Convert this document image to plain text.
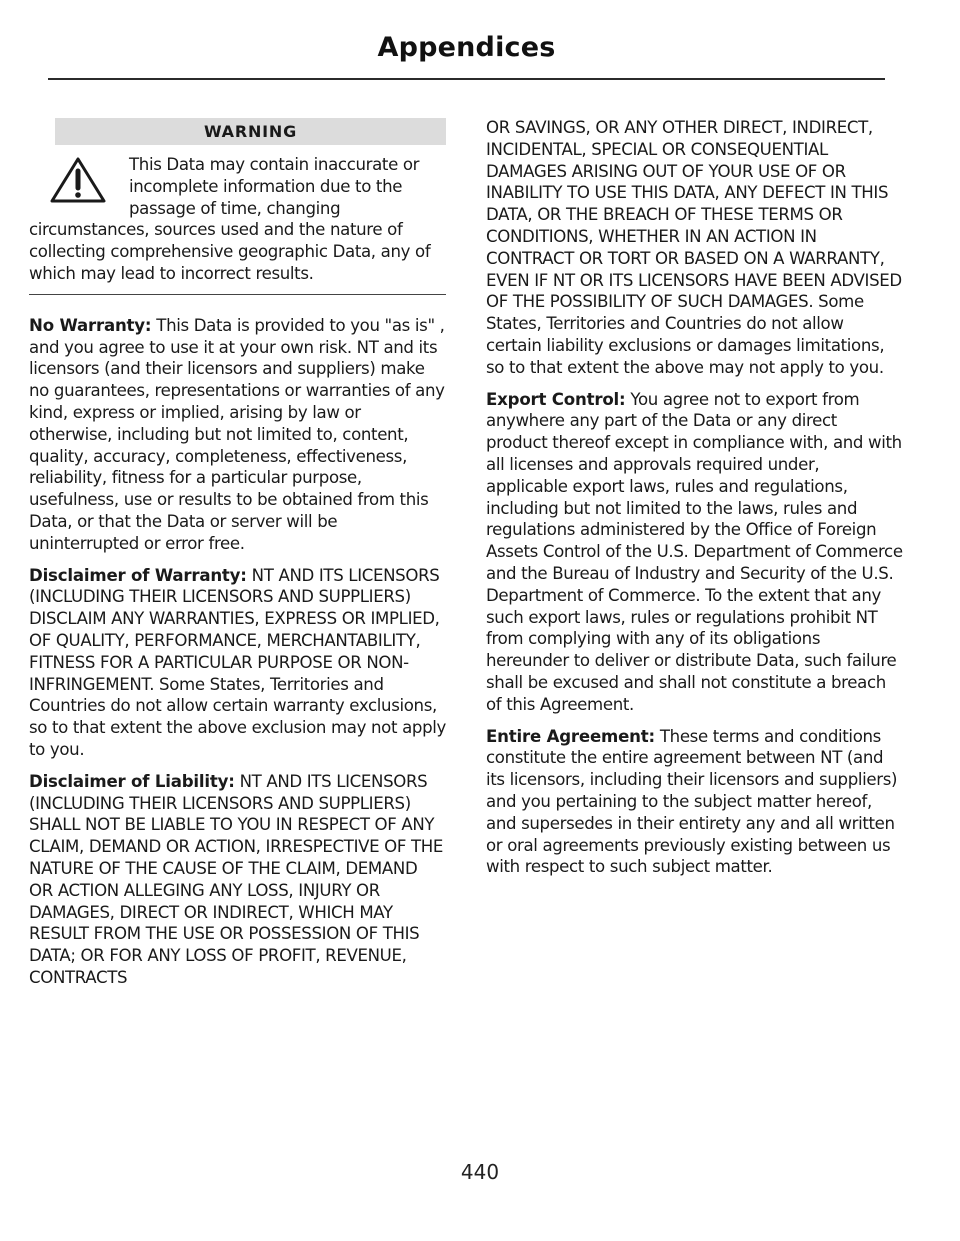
Appendices
WARNING
This Data may contain inaccurate or incomplete information due to the passage of time, changing circumstances, sources used and the nature of collecting comprehensive geographic Data, any of which may lead to incorrect results.

No Warranty: This Data is provided to you "as is" , and you agree to use it at your own risk. NT and its licensors (and their licensors and suppliers) make no guarantees, representations or warranties of any kind, express or implied, arising by law or otherwise, including but not limited to, content, quality, accuracy, completeness, effectiveness, reliability, fitness for a particular purpose, usefulness, use or results to be obtained from this Data, or that the Data or server will be uninterrupted or error free.

Disclaimer of Warranty: NT AND ITS LICENSORS (INCLUDING THEIR LICENSORS AND SUPPLIERS) DISCLAIM ANY WARRANTIES, EXPRESS OR IMPLIED, OF QUALITY, PERFORMANCE, MERCHANTABILITY, FITNESS FOR A PARTICULAR PURPOSE OR NON-INFRINGEMENT. Some States, Territories and Countries do not allow certain warranty exclusions, so to that extent the above exclusion may not apply to you.

Disclaimer of Liability: NT AND ITS LICENSORS (INCLUDING THEIR LICENSORS AND SUPPLIERS) SHALL NOT BE LIABLE TO YOU IN RESPECT OF ANY CLAIM, DEMAND OR ACTION, IRRESPECTIVE OF THE NATURE OF THE CAUSE OF THE CLAIM, DEMAND OR ACTION ALLEGING ANY LOSS, INJURY OR DAMAGES, DIRECT OR INDIRECT, WHICH MAY RESULT FROM THE USE OR POSSESSION OF THIS DATA; OR FOR ANY LOSS OF PROFIT, REVENUE, CONTRACTS

OR SAVINGS, OR ANY OTHER DIRECT, INDIRECT, INCIDENTAL, SPECIAL OR CONSEQUENTIAL DAMAGES ARISING OUT OF YOUR USE OF OR INABILITY TO USE THIS DATA, ANY DEFECT IN THIS DATA, OR THE BREACH OF THESE TERMS OR CONDITIONS, WHETHER IN AN ACTION IN CONTRACT OR TORT OR BASED ON A WARRANTY, EVEN IF NT OR ITS LICENSORS HAVE BEEN ADVISED OF THE POSSIBILITY OF SUCH DAMAGES. Some States, Territories and Countries do not allow certain liability exclusions or damages limitations, so to that extent the above may not apply to you.

Export Control: You agree not to export from anywhere any part of the Data or any direct product thereof except in compliance with, and with all licenses and approvals required under, applicable export laws, rules and regulations, including but not limited to the laws, rules and regulations administered by the Office of Foreign Assets Control of the U.S. Department of Commerce and the Bureau of Industry and Security of the U.S. Department of Commerce. To the extent that any such export laws, rules or regulations prohibit NT from complying with any of its obligations hereunder to deliver or distribute Data, such failure shall be excused and shall not constitute a breach of this Agreement.

Entire Agreement: These terms and conditions constitute the entire agreement between NT (and its licensors, including their licensors and suppliers) and you pertaining to the subject matter hereof, and supersedes in their entirety any and all written or oral agreements previously existing between us with respect to such subject matter.

440
